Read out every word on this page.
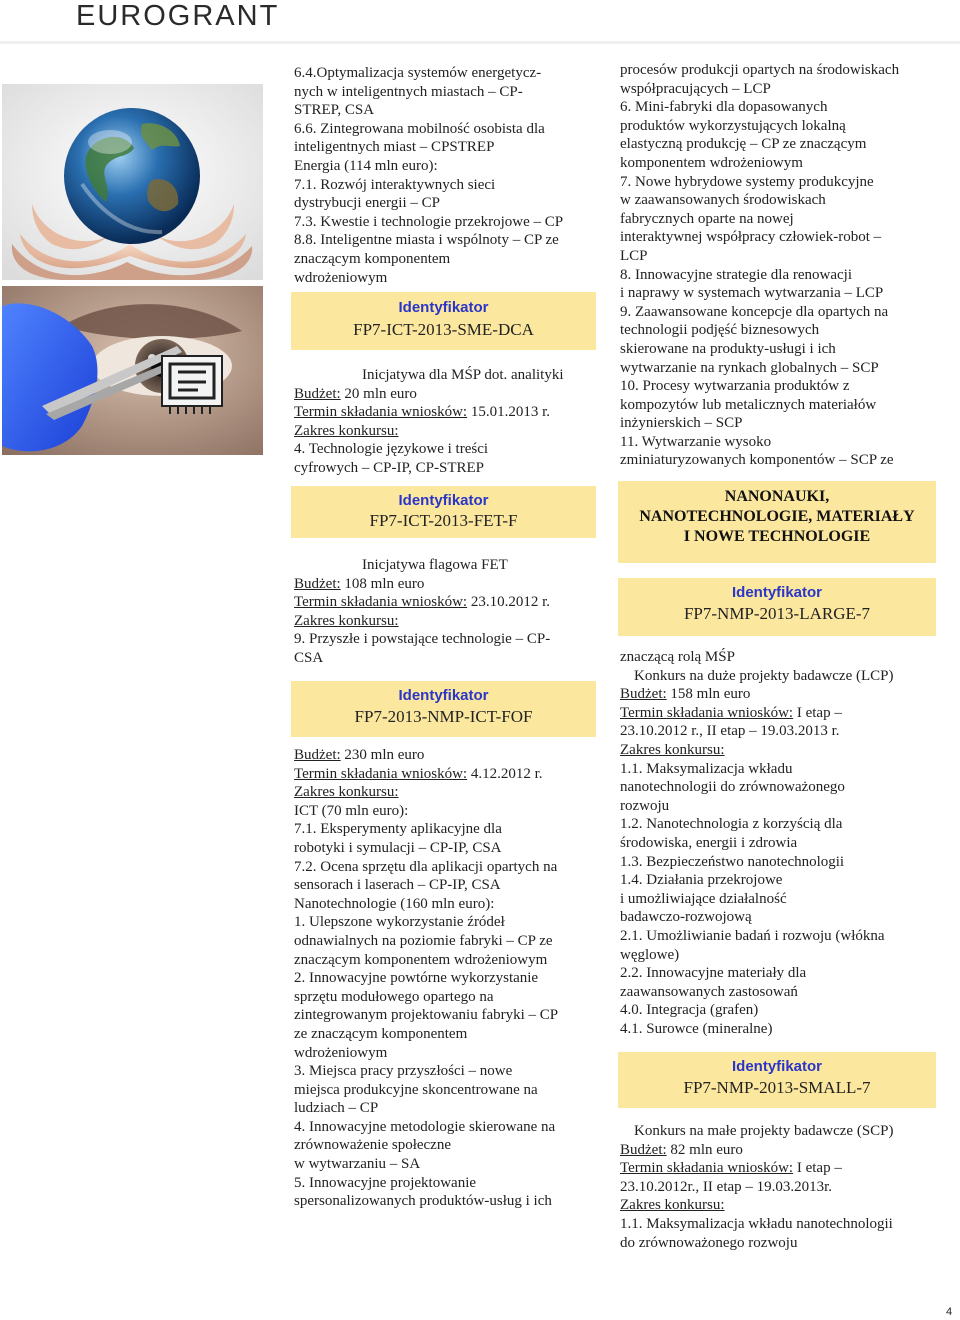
EUROGRANT

6.4.Optymalizacja systemów energetycz-

nych w inteligentnych miastach – CP-

STREP, CSA

6.6. Zintegrowana mobilność osobista dla

inteligentnych miast – CPSTREP

Energia (114 mln euro):

7.1. Rozwój interaktywnych sieci

dystrybucji energii – CP

7.3. Kwestie i technologie przekrojowe – CP

8.8. Inteligentne miasta i wspólnoty – CP ze

znaczącym komponentem

wdrożeniowym

Identyfikator
FP7-ICT-2013-SME-DCA

Inicjatywa dla MŚP dot. analityki

Budżet: 20 mln euro

Termin składania wniosków: 15.01.2013 r.

Zakres konkursu:

4. Technologie językowe i treści

cyfrowych – CP-IP, CP-STREP

Identyfikator
FP7-ICT-2013-FET-F

Inicjatywa flagowa FET

Budżet: 108 mln euro

Termin składania wniosków: 23.10.2012 r.

Zakres konkursu:

9. Przyszłe i powstające technologie – CP-

CSA

Identyfikator
FP7-2013-NMP-ICT-FOF

Budżet: 230 mln euro

Termin składania wniosków: 4.12.2012 r.

Zakres konkursu:

ICT (70 mln euro):

7.1. Eksperymenty aplikacyjne dla

robotyki i symulacji – CP-IP, CSA

7.2. Ocena sprzętu dla aplikacji opartych na

sensorach i laserach – CP-IP, CSA

Nanotechnologie (160 mln euro):

1. Ulepszone wykorzystanie źródeł

odnawialnych na poziomie fabryki – CP ze

znaczącym komponentem wdrożeniowym

2. Innowacyjne powtórne wykorzystanie

sprzętu modułowego opartego na

zintegrowanym projektowaniu fabryki – CP

ze znaczącym komponentem

wdrożeniowym

3. Miejsca pracy przyszłości – nowe

miejsca produkcyjne skoncentrowane na

ludziach – CP

4. Innowacyjne metodologie skierowane na

zrównoważenie społeczne

w wytwarzaniu – SA

5. Innowacyjne projektowanie

spersonalizowanych produktów-usług i ich

procesów produkcji opartych na środowiskach

współpracujących – LCP

6. Mini-fabryki dla dopasowanych

produktów wykorzystujących lokalną

elastyczną produkcję – CP ze znaczącym

komponentem wdrożeniowym

7. Nowe hybrydowe systemy produkcyjne

w zaawansowanych środowiskach

fabrycznych oparte na nowej

interaktywnej współpracy człowiek-robot –

LCP

8. Innowacyjne strategie dla renowacji

i naprawy w systemach wytwarzania – LCP

9. Zaawansowane koncepcje dla opartych na

technologii podjęść biznesowych

skierowane na produkty-usługi i ich

wytwarzanie na rynkach globalnych – SCP

10. Procesy wytwarzania produktów z

kompozytów lub metalicznych materiałów

inżynierskich – SCP

11. Wytwarzanie wysoko

zminiaturyzowanych komponentów – SCP ze

NANONAUKI,
NANOTECHNOLOGIE, MATERIAŁY
I NOWE TECHNOLOGIE
Identyfikator
FP7-NMP-2013-LARGE-7

znaczącą rolą MŚP

Konkurs na duże projekty badawcze (LCP)

Budżet: 158 mln euro

Termin składania wniosków: I etap –

23.10.2012 r., II etap – 19.03.2013 r.

Zakres konkursu:

1.1. Maksymalizacja wkładu

nanotechnologii do zrównoważonego

rozwoju

1.2. Nanotechnologia z korzyścią dla

środowiska, energii i zdrowia

1.3. Bezpieczeństwo nanotechnologii

1.4. Działania przekrojowe

i umożliwiające działalność

badawczo-rozwojową

2.1. Umożliwianie badań i rozwoju (włókna

węglowe)

2.2. Innowacyjne materiały dla

zaawansowanych zastosowań

4.0. Integracja (grafen)

4.1. Surowce (mineralne)

Identyfikator
FP7-NMP-2013-SMALL-7

Konkurs na małe projekty badawcze (SCP)

Budżet: 82 mln euro

Termin składania wniosków: I etap –

23.10.2012r., II etap – 19.03.2013r.

Zakres konkursu:

1.1. Maksymalizacja wkładu nanotechnologii

do zrównoważonego rozwoju

4
